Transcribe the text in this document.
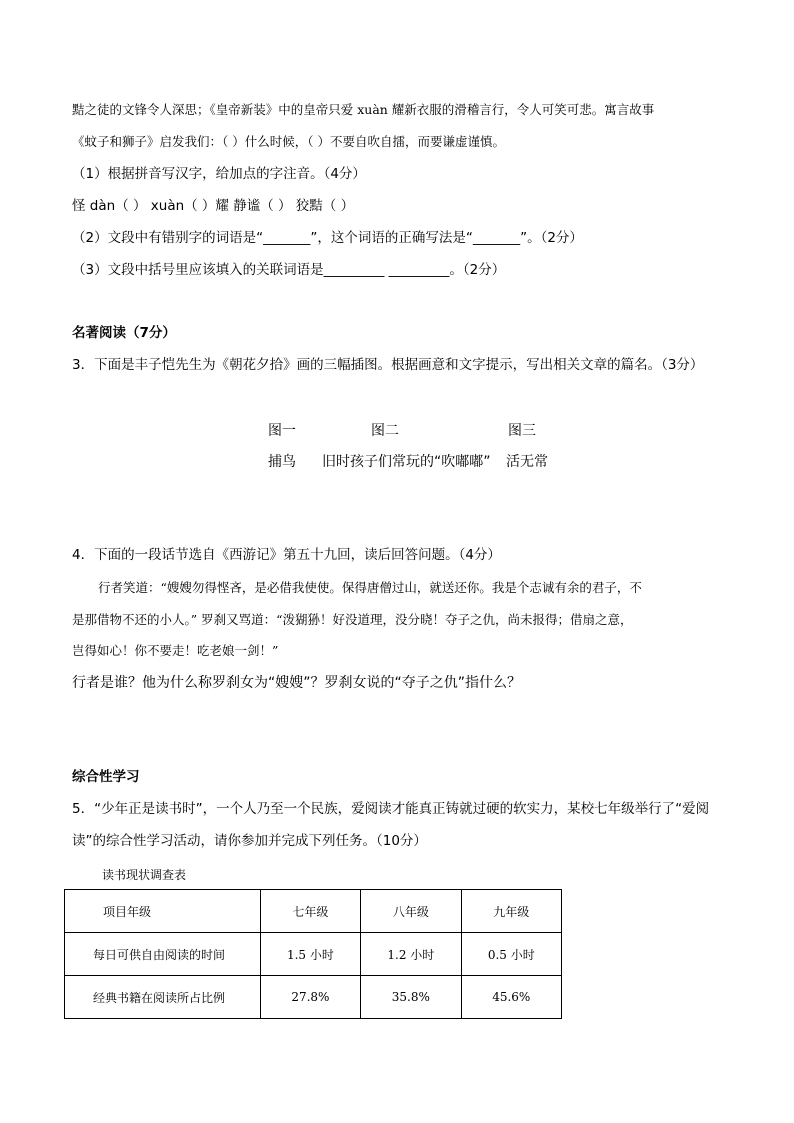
黠之徒的文锋令人深思；《皇帝新装》中的皇帝只爱 xuàn 耀新衣服的滑稽言行，令人可笑可悲。寓言故事
《蚊子和狮子》启发我们：（ ）什么时候，（ ）不要自吹自擂，而要谦虚谨慎。
（1）根据拼音写汉字，给加点的字注音。（4分）
怪 dàn（ ） xuàn（ ）耀 静谧（ ） 狡黠（ ）
（2）文段中有错别字的词语是“_______”，这个词语的正确写法是“_______”。（2分）
（3）文段中括号里应该填入的关联词语是_________ _________。（2分）
名著阅读（7分）
3．下面是丰子恺先生为《朝花夕拾》画的三幅插图。根据画意和文字提示，写出相关文章的篇名。（3分）
图一	图二	图三
捕鸟 旧时孩子们常玩的“吹嘟嘟” 活无常
4．下面的一段话节选自《西游记》第五十九回，读后回答问题。（4分）
行者笑道：“嫂嫂勿得悭吝，是必借我使使。保得唐僧过山，就送还你。我是个志诚有余的君子，不
是那借物不还的小人。” 罗刹又骂道：“泼猢狲！好没道理，没分晓！夺子之仇，尚未报得；借扇之意，
岂得如心！你不要走！吃老娘一剑！”
行者是谁？他为什么称罗刹女为“嫂嫂”？罗刹女说的“夺子之仇”指什么？
综合性学习
5．“少年正是读书时”，一个人乃至一个民族，爱阅读才能真正铸就过硬的软实力，某校七年级举行了“爱阅
读”的综合性学习活动，请你参加并完成下列任务。（10分）
读书现状调查表
项目年级	七年级	八年级	九年级
每日可供自由阅读的时间	1.5 小时	1.2 小时	0.5 小时
经典书籍在阅读所占比例	27.8%	35.8%	45.6%
